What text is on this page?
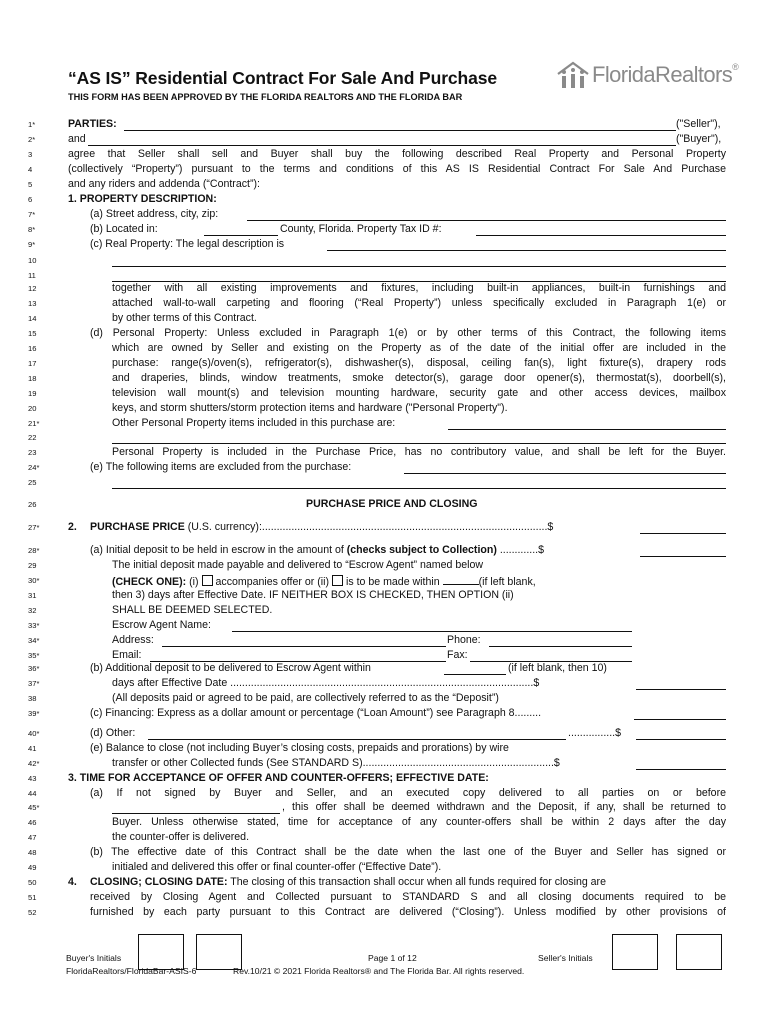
“AS IS” Residential Contract For Sale And Purchase
THIS FORM HAS BEEN APPROVED BY THE FLORIDA REALTORS AND THE FLORIDA BAR
FloridaRealtors®
1*	PARTIES:	("Seller"),
2*	and	("Buyer"),
3	agree that Seller shall sell and Buyer shall buy the following described Real Property and Personal Property
4	(collectively “Property”) pursuant to the terms and conditions of this AS IS Residential Contract For Sale And Purchase
5	and any riders and addenda (“Contract”):
6	1. PROPERTY DESCRIPTION:
7*	(a) Street address, city, zip:
8*	(b) Located in:	County, Florida. Property Tax ID #:
9*	(c) Real Property: The legal description is
10
11
12	together with all existing improvements and fixtures, including built-in appliances, built-in furnishings and
13	attached wall-to-wall carpeting and flooring (“Real Property”) unless specifically excluded in Paragraph 1(e) or
14	by other terms of this Contract.
15	(d) Personal Property: Unless excluded in Paragraph 1(e) or by other terms of this Contract, the following items
16	which are owned by Seller and existing on the Property as of the date of the initial offer are included in the
17	purchase: range(s)/oven(s), refrigerator(s), dishwasher(s), disposal, ceiling fan(s), light fixture(s), drapery rods
18	and draperies, blinds, window treatments, smoke detector(s), garage door opener(s), thermostat(s), doorbell(s),
19	television wall mount(s) and television mounting hardware, security gate and other access devices, mailbox
20	keys, and storm shutters/storm protection items and hardware ("Personal Property").
21*	Other Personal Property items included in this purchase are:
22
23	Personal Property is included in the Purchase Price, has no contributory value, and shall be left for the Buyer.
24*	(e) The following items are excluded from the purchase:
25
26	PURCHASE PRICE AND CLOSING
27*	2. PURCHASE PRICE (U.S. currency):.................................................................................................$
28*	(a) Initial deposit to be held in escrow in the amount of (checks subject to Collection) .............$
29	The initial deposit made payable and delivered to “Escrow Agent” named below
30*	(CHECK ONE): (i) accompanies offer or (ii) is to be made within	(if left blank,
31	then 3) days after Effective Date. IF NEITHER BOX IS CHECKED, THEN OPTION (ii)
32	SHALL BE DEEMED SELECTED.
33*	Escrow Agent Name:
34*	Address:	Phone:
35*	Email:	Fax:
36*	(b) Additional deposit to be delivered to Escrow Agent within	(if left blank, then 10)
37*	days after Effective Date .......................................................................................................$
38	(All deposits paid or agreed to be paid, are collectively referred to as the “Deposit”)
39*	(c) Financing: Express as a dollar amount or percentage (“Loan Amount”) see Paragraph 8.........
40*	(d) Other:	................$
41	(e) Balance to close (not including Buyer’s closing costs, prepaids and prorations) by wire
42*	transfer or other Collected funds (See STANDARD S).................................................................$
43	3. TIME FOR ACCEPTANCE OF OFFER AND COUNTER-OFFERS; EFFECTIVE DATE:
44	(a) If not signed by Buyer and Seller, and an executed copy delivered to all parties on or before
45*	, this offer shall be deemed withdrawn and the Deposit, if any, shall be returned to
46	Buyer. Unless otherwise stated, time for acceptance of any counter-offers shall be within 2 days after the day
47	the counter-offer is delivered.
48	(b) The effective date of this Contract shall be the date when the last one of the Buyer and Seller has signed or
49	initialed and delivered this offer or final counter-offer (“Effective Date”).
50	4. CLOSING; CLOSING DATE: The closing of this transaction shall occur when all funds required for closing are
51	received by Closing Agent and Collected pursuant to STANDARD S and all closing documents required to be
52	furnished by each party pursuant to this Contract are delivered (“Closing”). Unless modified by other provisions of
Buyer's Initials	Page 1 of 12	Seller's Initials
FloridaRealtors/FloridaBar-ASIS-6	Rev.10/21 © 2021 Florida Realtors® and The Florida Bar. All rights reserved.
